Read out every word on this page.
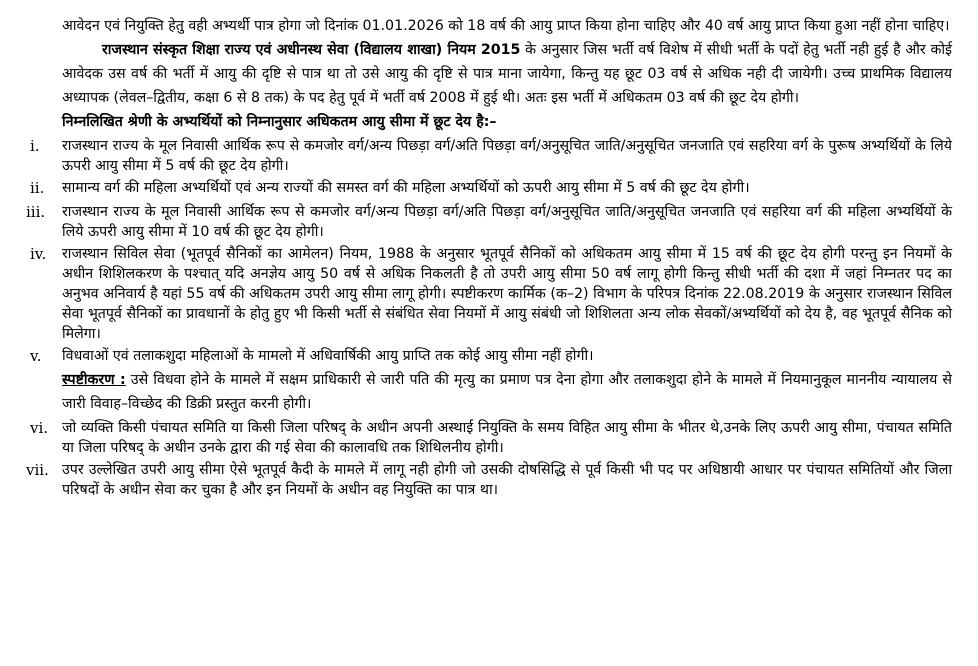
आवेदन एवं नियुक्ति हेतु वही अभ्यर्थी पात्र होगा जो दिनांक 01.01.2026 को 18 वर्ष की आयु प्राप्त किया होना चाहिए और 40 वर्ष आयु प्राप्त किया हुआ नहीं होना चाहिए।

राजस्थान संस्कृत शिक्षा राज्य एवं अधीनस्थ सेवा (विद्यालय शाखा) नियम 2015 के अनुसार जिस भर्ती वर्ष विशेष में सीधी भर्ती के पदों हेतु भर्ती नही हुई है और कोई आवेदक उस वर्ष की भर्ती में आयु की दृष्टि से पात्र था तो उसे आयु की दृष्टि से पात्र माना जायेगा, किन्तु यह छूट 03 वर्ष से अधिक नही दी जायेगी। उच्च प्राथमिक विद्यालय अध्यापक (लेवल–द्वितीय, कक्षा 6 से 8 तक) के पद हेतु पूर्व में भर्ती वर्ष 2008 में हुई थी। अतः इस भर्ती में अधिकतम 03 वर्ष की छूट देय होगी।

निम्नलिखित श्रेणी के अभ्यर्थियों को निम्नानुसार अधिकतम आयु सीमा में छूट देय है:–
i.	राजस्थान राज्य के मूल निवासी आर्थिक रूप से कमजोर वर्ग/अन्य पिछड़ा वर्ग/अति पिछड़ा वर्ग/अनुसूचित जाति/अनुसूचित जनजाति एवं सहरिया वर्ग के पुरूष अभ्यर्थियों के लिये ऊपरी आयु सीमा में 5 वर्ष की छूट देय होगी।
ii.	सामान्य वर्ग की महिला अभ्यर्थियों एवं अन्य राज्यों की समस्त वर्ग की महिला अभ्यर्थियों को ऊपरी आयु सीमा में 5 वर्ष की छूट देय होगी।
iii.	राजस्थान राज्य के मूल निवासी आर्थिक रूप से कमजोर वर्ग/अन्य पिछड़ा वर्ग/अति पिछड़ा वर्ग/अनुसूचित जाति/अनुसूचित जनजाति एवं सहरिया वर्ग की महिला अभ्यर्थियों के लिये ऊपरी आयु सीमा में 10 वर्ष की छूट देय होगी।
iv.	राजस्थान सिविल सेवा (भूतपूर्व सैनिकों का आमेलन) नियम, 1988 के अनुसार भूतपूर्व सैनिकों को अधिकतम आयु सीमा में 15 वर्ष की छूट देय होगी परन्तु इन नियमों के अधीन शिशिलकरण के पश्चात् यदि अनज्ञेय आयु 50 वर्ष से अधिक निकलती है तो उपरी आयु सीमा 50 वर्ष लागू होगी किन्तु सीधी भर्ती की दशा में जहां निम्नतर पद का अनुभव अनिवार्य है यहां 55 वर्ष की अधिकतम उपरी आयु सीमा लागू होगी। स्पष्टीकरण कार्मिक (क–2) विभाग के परिपत्र दिनांक 22.08.2019 के अनुसार राजस्थान सिविल सेवा भूतपूर्व सैनिकों का प्रावधानों के होतु हुए भी किसी भर्ती से संबंधित सेवा नियमों में आयु संबंधी जो शिशिलता अन्य लोक सेवकों/अभ्यर्थियों को देय है, वह भूतपूर्व सैनिक को मिलेगा।
v.	विधवाओं एवं तलाकशुदा महिलाओं के मामलो में अधिवार्षिकी आयु प्राप्ति तक कोई आयु सीमा नहीं होगी।
स्पष्टीकरण : उसे विधवा होने के मामले में सक्षम प्राधिकारी से जारी पति की मृत्यु का प्रमाण पत्र देना होगा और तलाकशुदा होने के मामले में नियमानुकूल माननीय न्यायालय से जारी विवाह–विच्छेद की डिक्री प्रस्तुत करनी होगी।
vi. जो व्यक्ति किसी पंचायत समिति या किसी जिला परिषद् के अधीन अपनी अस्थाई नियुक्ति के समय विहित आयु सीमा के भीतर थे,उनके लिए ऊपरी आयु सीमा, पंचायत समिति या जिला परिषद् के अधीन उनके द्वारा की गई सेवा की कालावधि तक शिथिलनीय होगी।
vii. उपर उल्लेखित उपरी आयु सीमा ऐसे भूतपूर्व कैदी के मामले में लागू नही होगी जो उसकी दोषसिद्धि से पूर्व किसी भी पद पर अधिष्ठायी आधार पर पंचायत समितियों और जिला परिषदों के अधीन सेवा कर चुका है और इन नियमों के अधीन वह नियुक्ति का पात्र था।
